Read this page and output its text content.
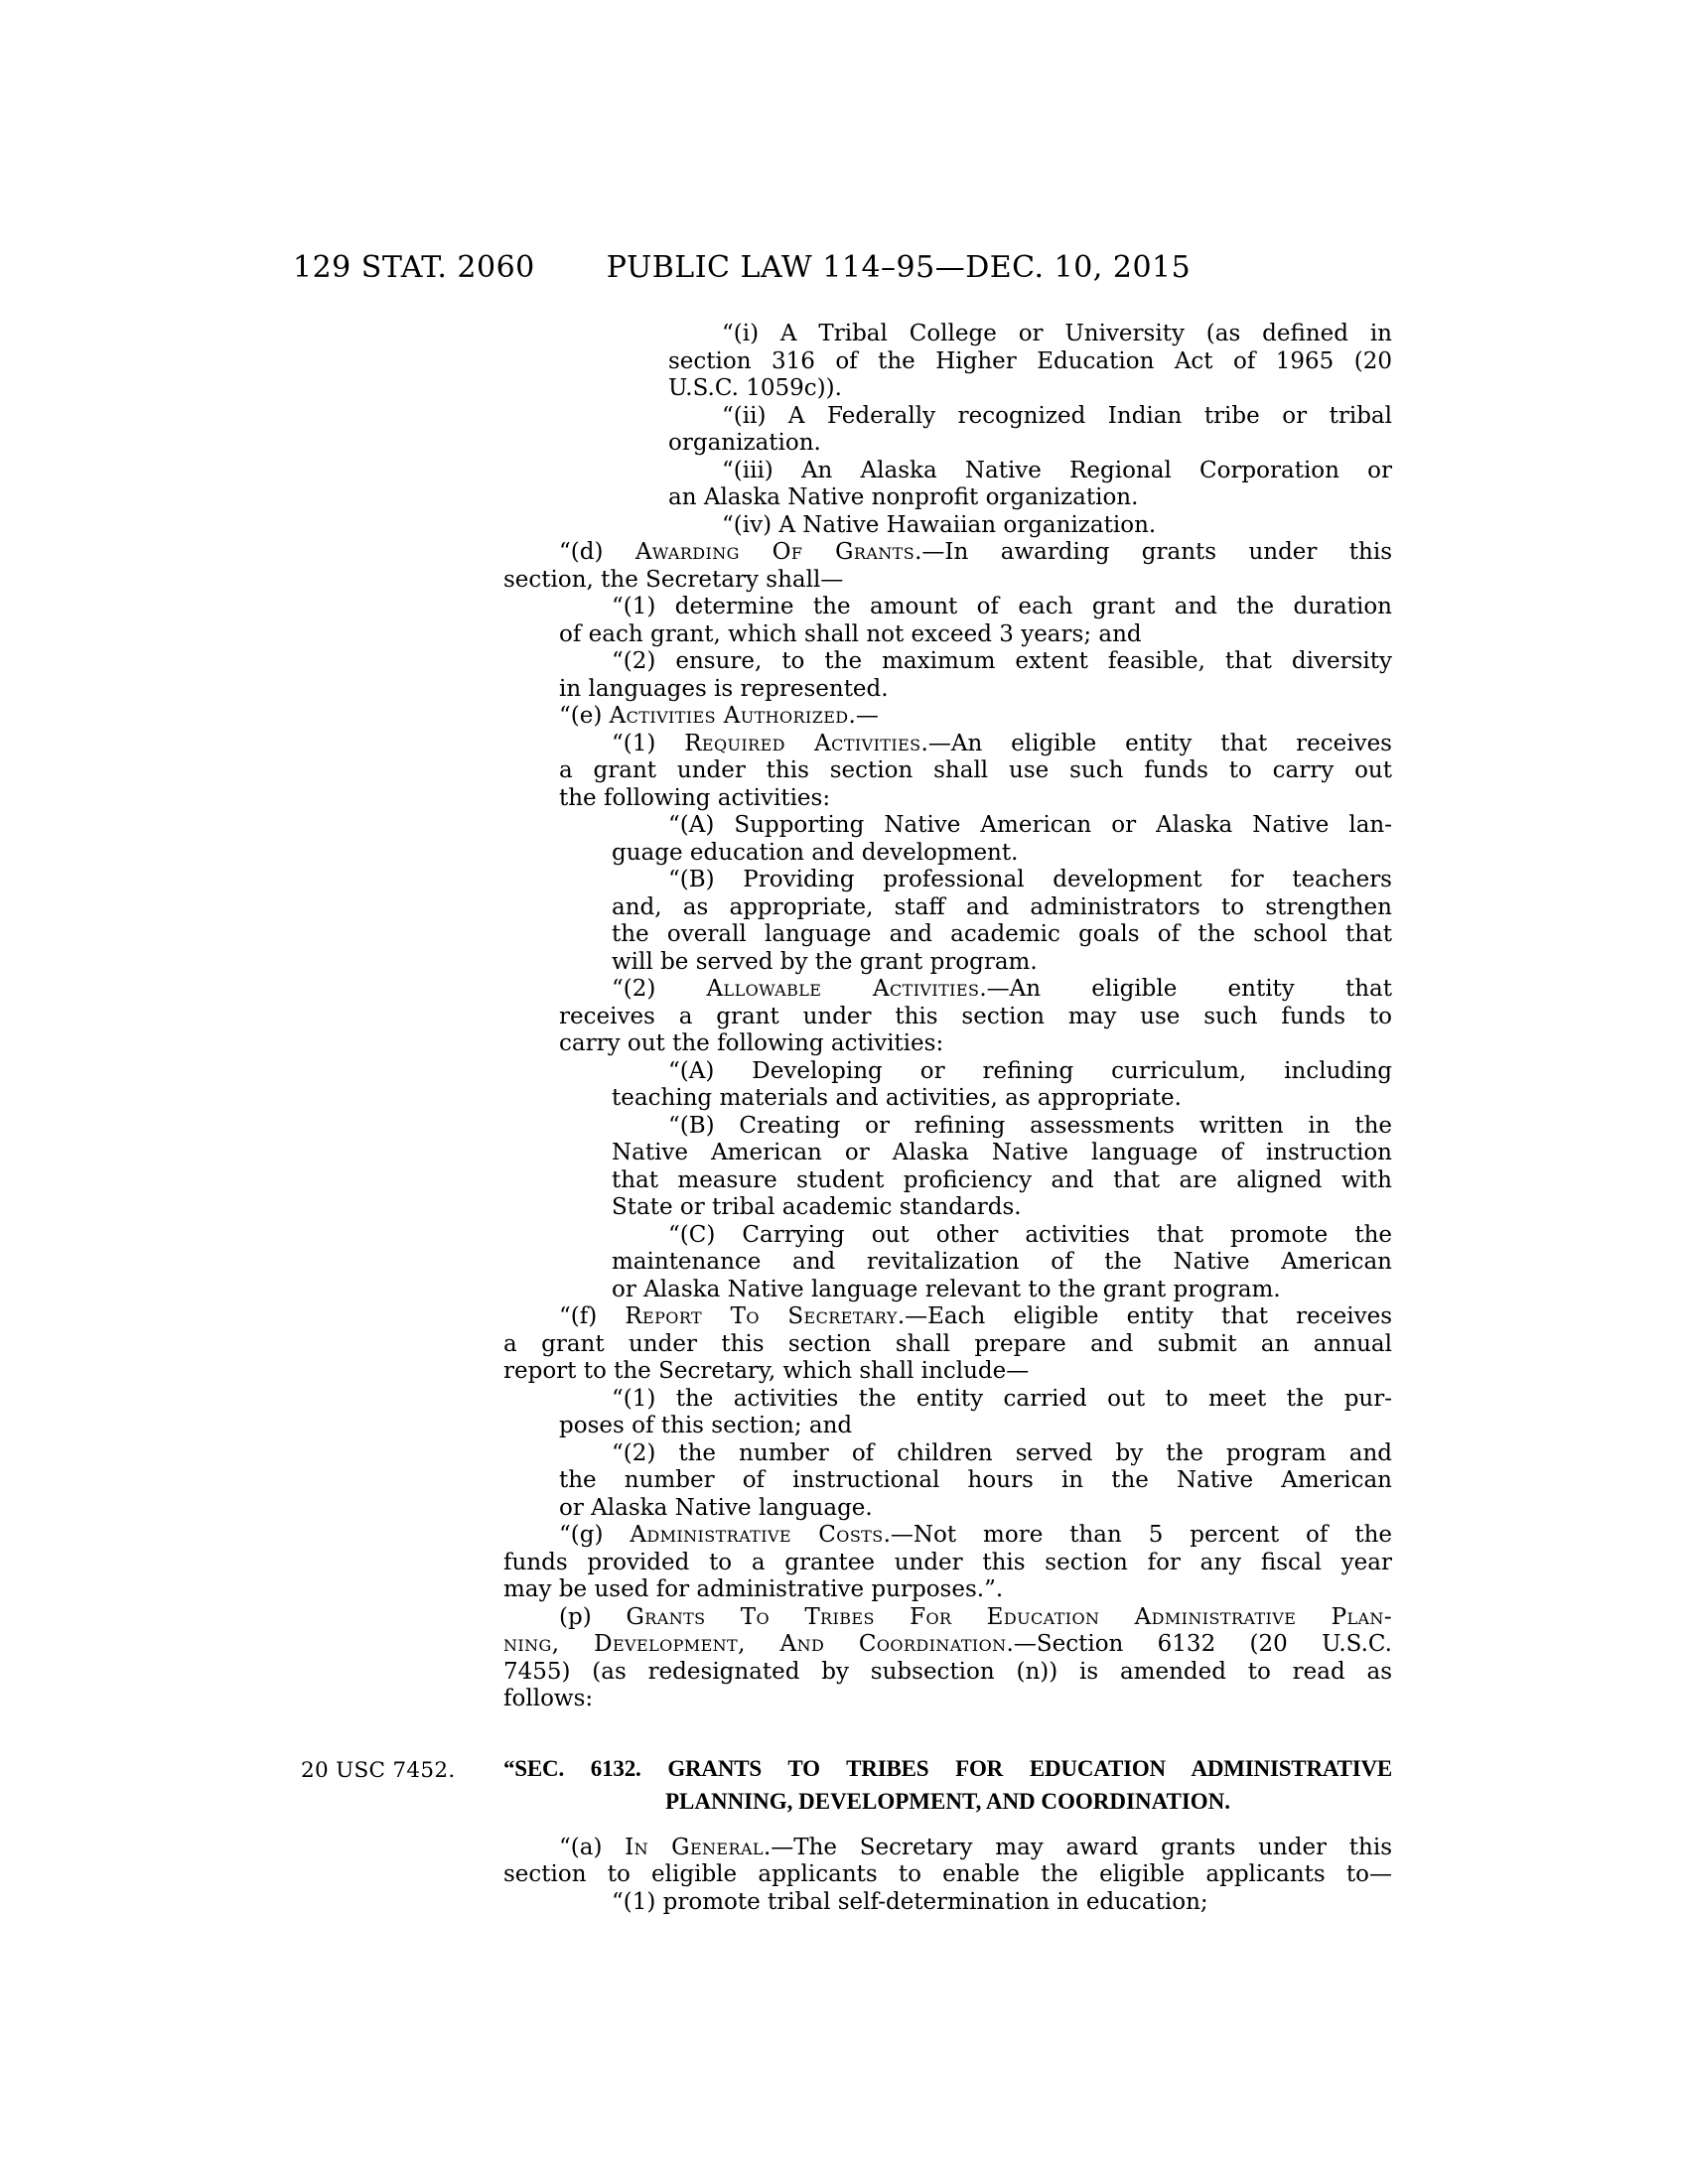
129 STAT. 2060 PUBLIC LAW 114–95—DEC. 10, 2015
20 USC 7452.
“(i) A Tribal College or University (as defined in
section 316 of the Higher Education Act of 1965 (20
U.S.C. 1059c)).
“(ii) A Federally recognized Indian tribe or tribal
organization.
“(iii) An Alaska Native Regional Corporation or
an Alaska Native nonprofit organization.
“(iv) A Native Hawaiian organization.
“(d) Awarding Of Grants.—In awarding grants under this
section, the Secretary shall—
“(1) determine the amount of each grant and the duration
of each grant, which shall not exceed 3 years; and
“(2) ensure, to the maximum extent feasible, that diversity
in languages is represented.
“(e) Activities Authorized.—
“(1) Required Activities.—An eligible entity that receives
a grant under this section shall use such funds to carry out
the following activities:
“(A) Supporting Native American or Alaska Native lan-
guage education and development.
“(B) Providing professional development for teachers
and, as appropriate, staff and administrators to strengthen
the overall language and academic goals of the school that
will be served by the grant program.
“(2) Allowable Activities.—An eligible entity that
receives a grant under this section may use such funds to
carry out the following activities:
“(A) Developing or refining curriculum, including
teaching materials and activities, as appropriate.
“(B) Creating or refining assessments written in the
Native American or Alaska Native language of instruction
that measure student proficiency and that are aligned with
State or tribal academic standards.
“(C) Carrying out other activities that promote the
maintenance and revitalization of the Native American
or Alaska Native language relevant to the grant program.
“(f) Report To Secretary.—Each eligible entity that receives
a grant under this section shall prepare and submit an annual
report to the Secretary, which shall include—
“(1) the activities the entity carried out to meet the pur-
poses of this section; and
“(2) the number of children served by the program and
the number of instructional hours in the Native American
or Alaska Native language.
“(g) Administrative Costs.—Not more than 5 percent of the
funds provided to a grantee under this section for any fiscal year
may be used for administrative purposes.”.
(p) Grants To Tribes For Education Administrative Plan-
ning, Development, And Coordination.—Section 6132 (20 U.S.C.
7455) (as redesignated by subsection (n)) is amended to read as
follows:
“SEC. 6132. GRANTS TO TRIBES FOR EDUCATION ADMINISTRATIVE
PLANNING, DEVELOPMENT, AND COORDINATION.
“(a) In General.—The Secretary may award grants under this
section to eligible applicants to enable the eligible applicants to—
“(1) promote tribal self-determination in education;
